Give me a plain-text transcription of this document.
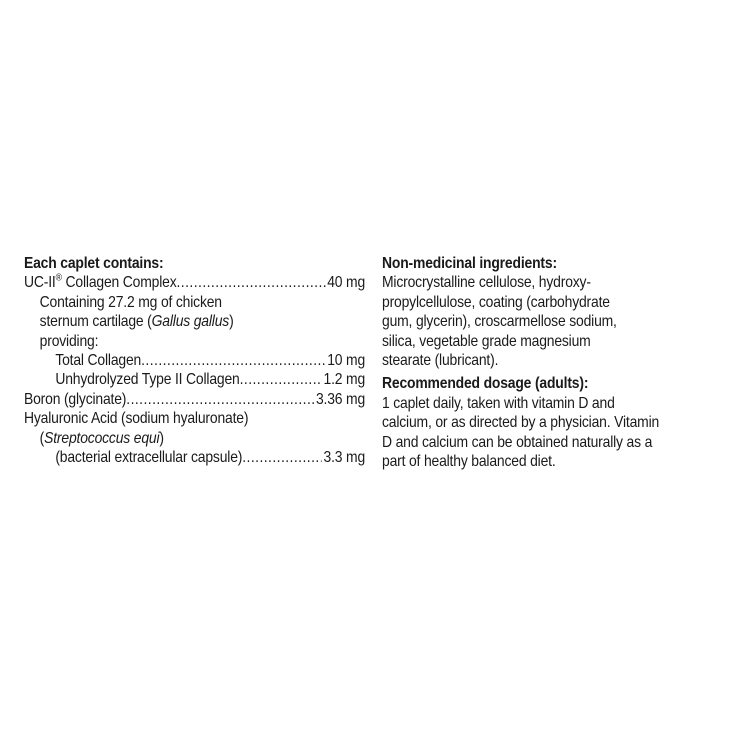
Each caplet contains:
UC-II® Collagen Complex .....	40 mg
Containing 27.2 mg of chicken
sternum cartilage (Gallus gallus)
providing:
Total Collagen .....	10 mg
Unhydrolyzed Type II Collagen .....	1.2 mg
Boron (glycinate) .....	3.36 mg
Hyaluronic Acid (sodium hyaluronate)
(Streptococcus equi)
(bacterial extracellular capsule) .....	3.3 mg
Non-medicinal ingredients:
Microcrystalline cellulose, hydroxy-
propylcellulose, coating (carbohydrate
gum, glycerin), croscarmellose sodium,
silica, vegetable grade magnesium
stearate (lubricant).
Recommended dosage (adults):
1 caplet daily, taken with vitamin D and
calcium, or as directed by a physician. Vitamin
D and calcium can be obtained naturally as a
part of healthy balanced diet.
